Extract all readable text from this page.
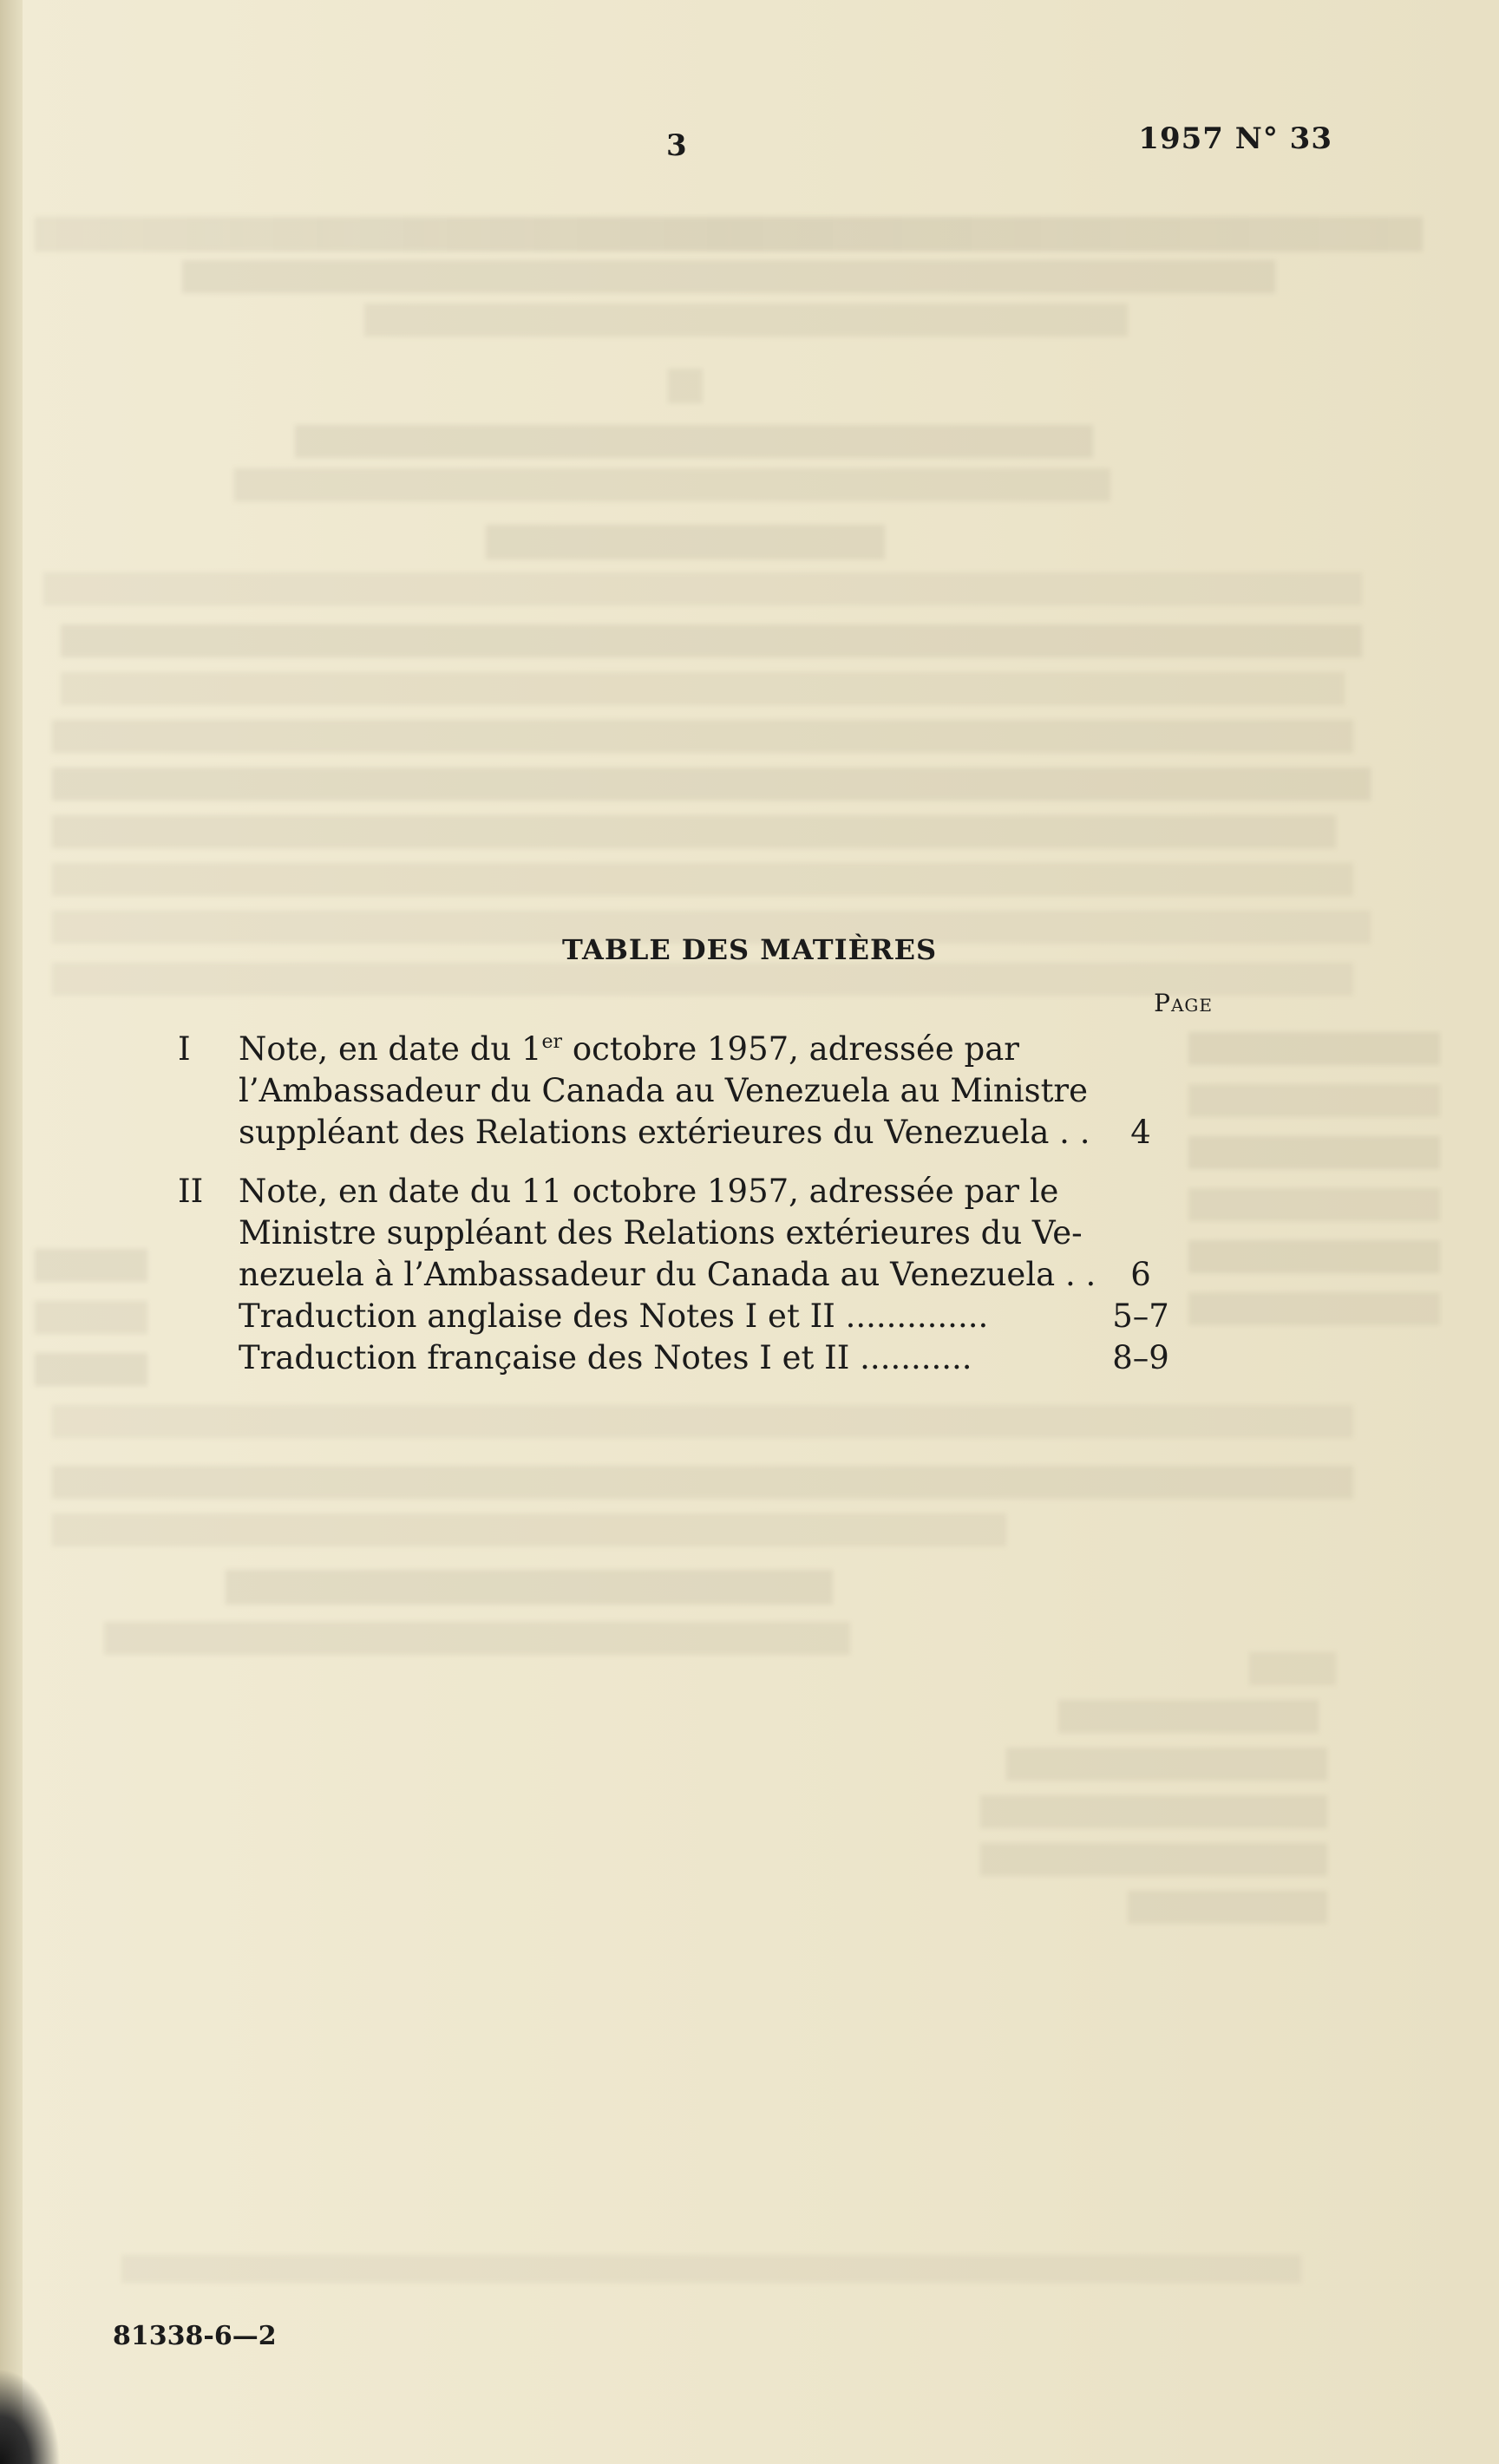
3	1957 N° 33
TABLE DES MATIÈRES
Page
I	Note, en date du 1er octobre 1957, adressée par
l’Ambassadeur du Canada au Venezuela au Ministre
suppléant des Relations extérieures du Venezuela . .	4
II	Note, en date du 11 octobre 1957, adressée par le
Ministre suppléant des Relations extérieures du Ve-
nezuela à l’Ambassadeur du Canada au Venezuela . .	6
Traduction anglaise des Notes I et II ..............	5–7
Traduction française des Notes I et II ...........	8–9
81338-6—2
